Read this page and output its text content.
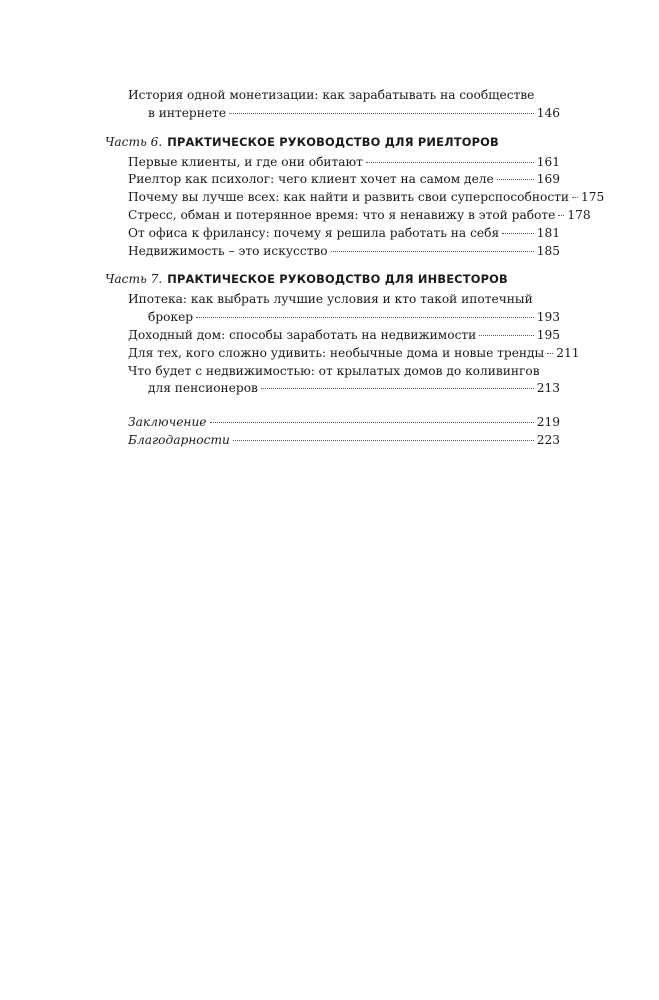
История одной монетизации: как зарабатывать на сообществе
в интернете	146
Часть 6. ПРАКТИЧЕСКОЕ РУКОВОДСТВО ДЛЯ РИЕЛТОРОВ
Первые клиенты, и где они обитают	161
Риелтор как психолог: чего клиент хочет на самом деле	169
Почему вы лучше всех: как найти и развить свои суперспособности 175
Стресс, обман и потерянное время: что я ненавижу в этой работе 178
От офиса к фрилансу: почему я решила работать на себя	181
Недвижимость – это искусство	185
Часть 7. ПРАКТИЧЕСКОЕ РУКОВОДСТВО ДЛЯ ИНВЕСТОРОВ
Ипотека: как выбрать лучшие условия и кто такой ипотечный
брокер	193
Доходный дом: способы заработать на недвижимости	195
Для тех, кого сложно удивить: необычные дома и новые тренды 211
Что будет с недвижимостью: от крылатых домов до коливингов
для пенсионеров	213
Заключение	219
Благодарности	223
